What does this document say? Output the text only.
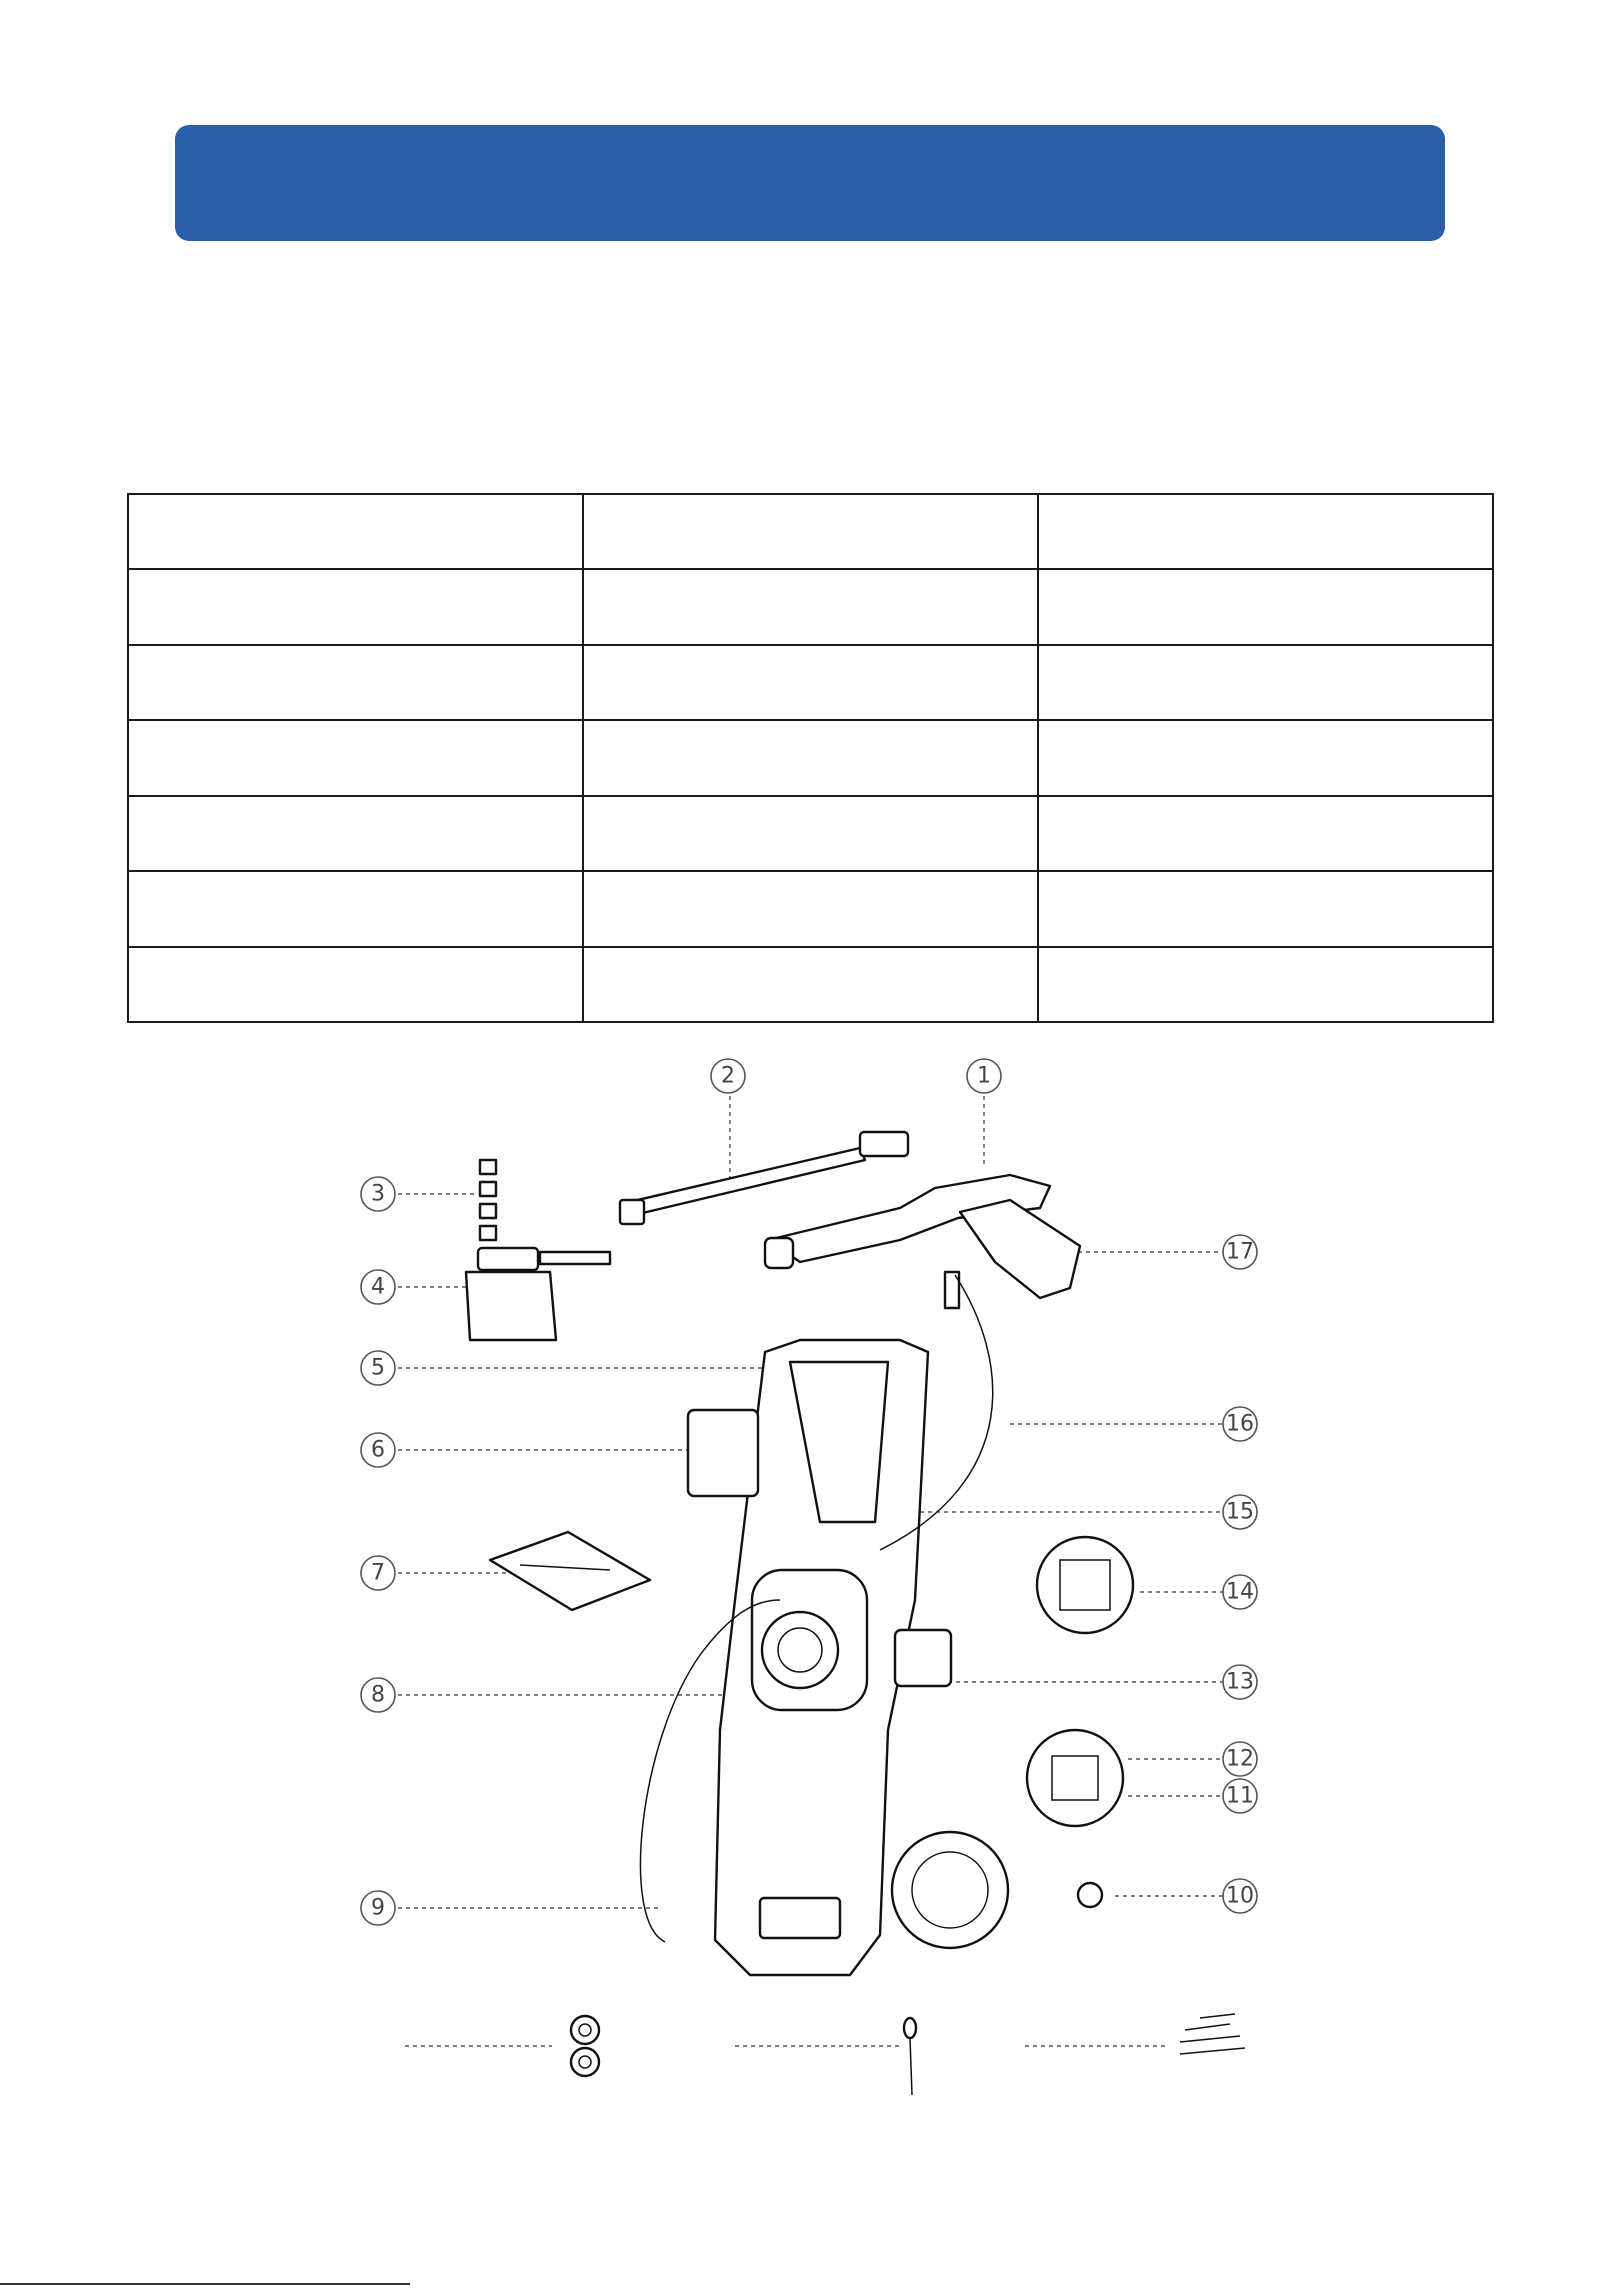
1
2
3
4
5
6
7
8
9	10
11
12
13
14
15
16
17
